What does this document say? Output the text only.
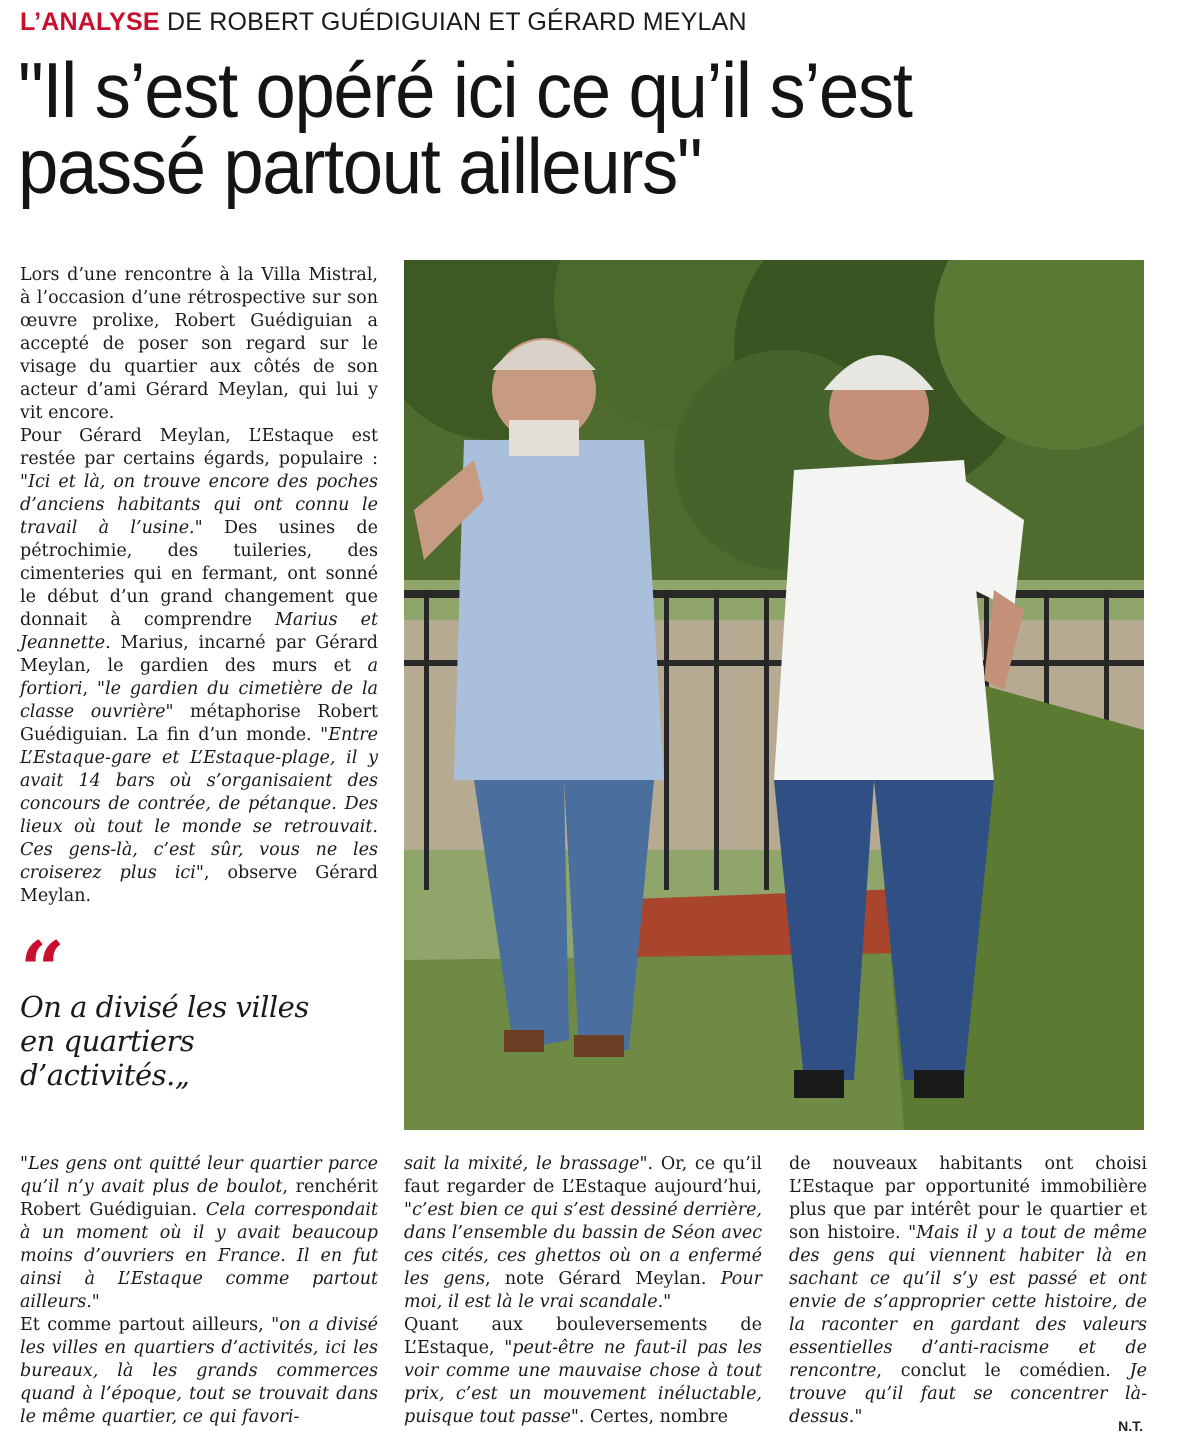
L’ANALYSE DE ROBERT GUÉDIGUIAN ET GÉRARD MEYLAN
"Il s’est opéré ici ce qu’il s’est passé partout ailleurs"

Lors d’une rencontre à la Villa Mistral, à l’occasion d’une rétrospective sur son œuvre prolixe, Robert Guédiguian a accepté de poser son regard sur le visage du quartier aux côtés de son acteur d’ami Gérard Meylan, qui lui y vit encore.

Pour Gérard Meylan, L’Estaque est restée par certains égards, populaire : "Ici et là, on trouve encore des poches d’anciens habitants qui ont connu le travail à l’usine." Des usines de pétrochimie, des tuileries, des cimenteries qui en fermant, ont sonné le début d’un grand changement que donnait à comprendre Marius et Jeannette. Marius, incarné par Gérard Meylan, le gardien des murs et a fortiori, "le gardien du cimetière de la classe ouvrière" métaphorise Robert Guédiguian. La fin d’un monde. "Entre L’Estaque-gare et L’Estaque-plage, il y avait 14 bars où s’organisaient des concours de contrée, de pétanque. Des lieux où tout le monde se retrouvait. Ces gens-là, c’est sûr, vous ne les croiserez plus ici", observe Gérard Meylan.

“
On a divisé les villes en quartiers d’activités.„

"Les gens ont quitté leur quartier parce qu’il n’y avait plus de boulot, renchérit Robert Guédiguian. Cela correspondait à un moment où il y avait beaucoup moins d’ouvriers en France. Il en fut ainsi à L’Estaque comme partout ailleurs."

Et comme partout ailleurs, "on a divisé les villes en quartiers d’activités, ici les bureaux, là les grands commerces quand à l’époque, tout se trouvait dans le même quartier, ce qui favori-

sait la mixité, le brassage". Or, ce qu’il faut regarder de L’Estaque aujourd’hui, "c’est bien ce qui s’est dessiné derrière, dans l’ensemble du bassin de Séon avec ces cités, ces ghettos où on a enfermé les gens, note Gérard Meylan. Pour moi, il est là le vrai scandale."

Quant aux bouleversements de L’Estaque, "peut-être ne faut-il pas les voir comme une mauvaise chose à tout prix, c’est un mouvement inéluctable, puisque tout passe". Certes, nombre

de nouveaux habitants ont choisi L’Estaque par opportunité immobilière plus que par intérêt pour le quartier et son histoire. "Mais il y a tout de même des gens qui viennent habiter là en sachant ce qu’il s’y est passé et ont envie de s’approprier cette histoire, de la raconter en gardant des valeurs essentielles d’anti-racisme et de rencontre, conclut le comédien. Je trouve qu’il faut se concentrer là-dessus."	N.T.
